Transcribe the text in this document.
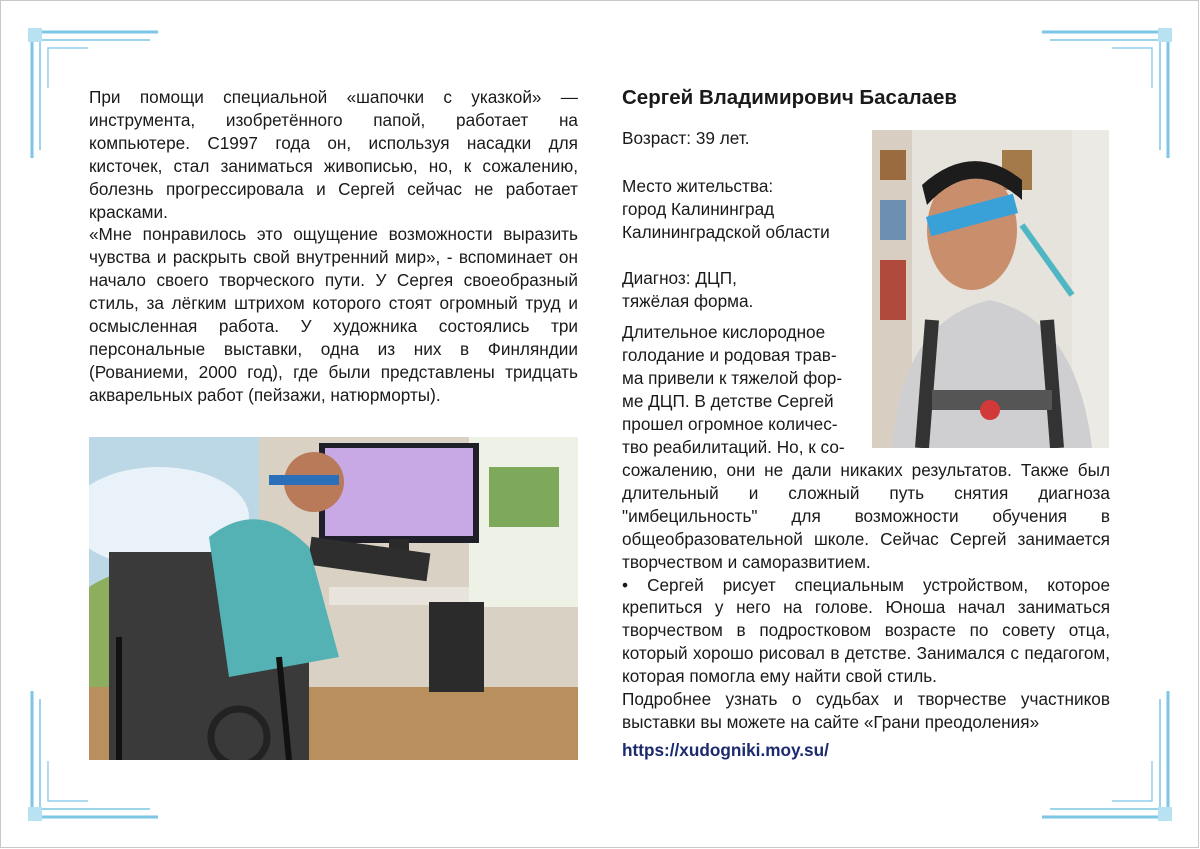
При помощи специальной «шапочки с указкой» — инструмента, изобретённого папой, работает на компьютере. С1997 года он, используя насадки для кисточек, стал заниматься живописью, но, к сожалению, болезнь прогрессировала и Сергей сейчас не работает красками.

«Мне понравилось это ощущение возможности выразить чувства и раскрыть свой внутренний мир», - вспоминает он начало своего творческого пути. У Сергея своеобразный стиль, за лёгким штрихом которого стоят огромный труд и осмысленная работа. У художника состоялись три персональные выставки, одна из них в Финляндии (Рованиеми, 2000 год), где были представлены тридцать акварельных работ (пейзажи, натюрморты).

Сергей Владимирович Басалаев
Возраст: 39 лет.
Место жительства:
город Калининград
Калининградской области
Диагноз: ДЦП,
тяжёлая форма.
Длительное кислородное
голодание и родовая трав-
ма привели к тяжелой фор-
ме ДЦП. В детстве Сергей
прошел огромное количес-
тво реабилитаций. Но, к со-

сожалению, они не дали никаких результатов. Также был длительный и сложный путь снятия диагноза "имбецильность" для возможности обучения в общеобразовательной школе. Сейчас Сергей занимается творчеством и саморазвитием.

• Сергей рисует специальным устройством, которое крепиться у него на голове. Юноша начал заниматься творчеством в подростковом возрасте по совету отца, который хорошо рисовал в детстве. Занимался с педагогом, которая помогла ему найти свой стиль.

Подробнее узнать о судьбах и творчестве участников выставки вы можете на сайте «Грани преодоления»

https://xudogniki.moy.su/
